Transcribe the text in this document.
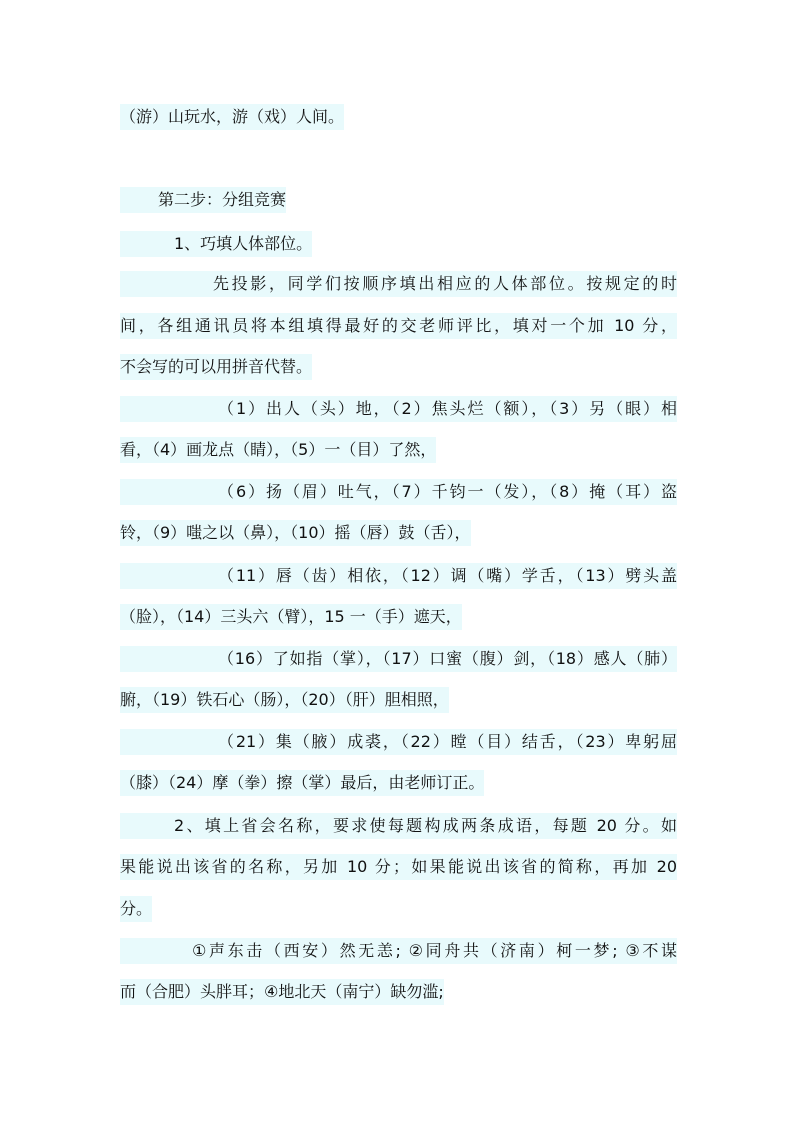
（游）山玩水，游（戏）人间。
第二步：分组竞赛
1、巧填人体部位。
先投影，同学们按顺序填出相应的人体部位。按规定的时
间，各组通讯员将本组填得最好的交老师评比，填对一个加 10 分，
不会写的可以用拼音代替。
（1）出人（头）地，（2）焦头烂（额），（3）另（眼）相
看，（4）画龙点（睛），（5）一（目）了然，
（6）扬（眉）吐气，（7）千钧一（发），（8）掩（耳）盗
铃，（9）嗤之以（鼻），（10）摇（唇）鼓（舌），
（11）唇（齿）相依，（12）调（嘴）学舌，（13）劈头盖
（脸），（14）三头六（臂），15 一（手）遮天，
（16）了如指（掌），（17）口蜜（腹）剑，（18）感人（肺）
腑，（19）铁石心（肠），（20）（肝）胆相照，
（21）集（腋）成裘，（22）瞠（目）结舌，（23）卑躬屈
（膝）（24）摩（拳）擦（掌）最后，由老师订正。
2、填上省会名称，要求使每题构成两条成语，每题 20 分。如
果能说出该省的名称，另加 10 分；如果能说出该省的简称，再加 20
分。
①声东击（西安）然无恙; ②同舟共（济南）柯一梦; ③不谋
而（合肥）头胖耳；④地北天（南宁）缺勿滥;
